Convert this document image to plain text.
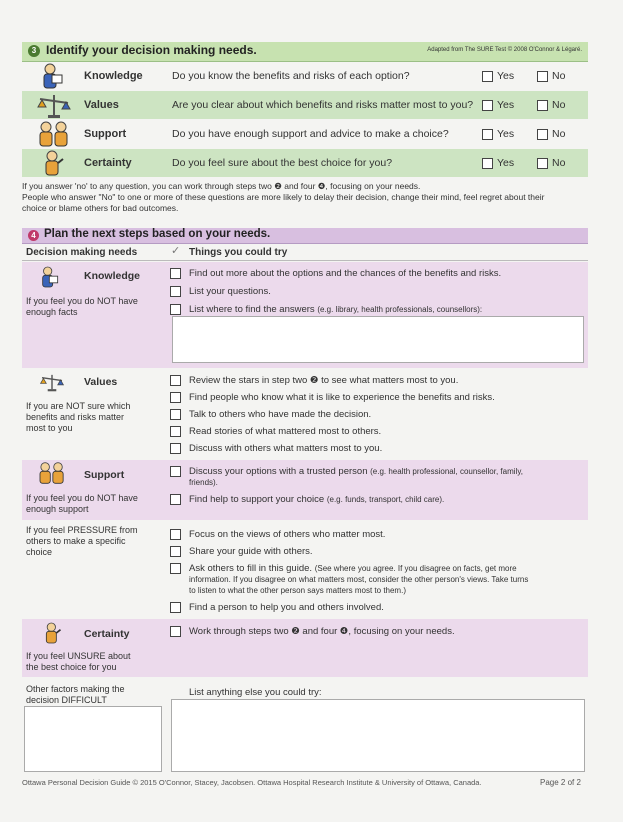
3 Identify your decision making needs.	Adapted from The SURE Test © 2008 O'Connor & Légaré.
Knowledge	Do you know the benefits and risks of each option?	Yes	No
Values	Are you clear about which benefits and risks matter most to you? Yes	No
Support	Do you have enough support and advice to make a choice?	Yes	No
Certainty	Do you feel sure about the best choice for you?	Yes	No
If you answer 'no' to any question, you can work through steps two ❷ and four ❹, focusing on your needs.
People who answer "No" to one or more of these questions are more likely to delay their decision, change their mind, feel regret about their
choice or blame others for bad outcomes.
4 Plan the next steps based on your needs.
Decision making needs	✓ Things you could try
Knowledge
If you feel you do NOT have
enough facts
Find out more about the options and the chances of the benefits and risks.
List your questions.
List where to find the answers (e.g. library, health professionals, counsellors):
Values
If you are NOT sure which
benefits and risks matter
most to you
Review the stars in step two ❷ to see what matters most to you.
Find people who know what it is like to experience the benefits and risks.
Talk to others who have made the decision.
Read stories of what mattered most to others.
Discuss with others what matters most to you.
Support
If you feel you do NOT have
enough support
Discuss your options with a trusted person (e.g. health professional, counsellor, family,
friends).
Find help to support your choice (e.g. funds, transport, child care).
If you feel PRESSURE from
others to make a specific
choice
Focus on the views of others who matter most.
Share your guide with others.
Ask others to fill in this guide. (See where you agree. If you disagree on facts, get more
information. If you disagree on what matters most, consider the other person's views. Take turns
to listen to what the other person says matters most to them.)
Find a person to help you and others involved.
Certainty
If you feel UNSURE about
the best choice for you
Work through steps two ❷ and four ❹, focusing on your needs.
Other factors making the
decision DIFFICULT
List anything else you could try:
Ottawa Personal Decision Guide © 2015 O'Connor, Stacey, Jacobsen. Ottawa Hospital Research Institute & University of Ottawa, Canada.	Page 2 of 2
